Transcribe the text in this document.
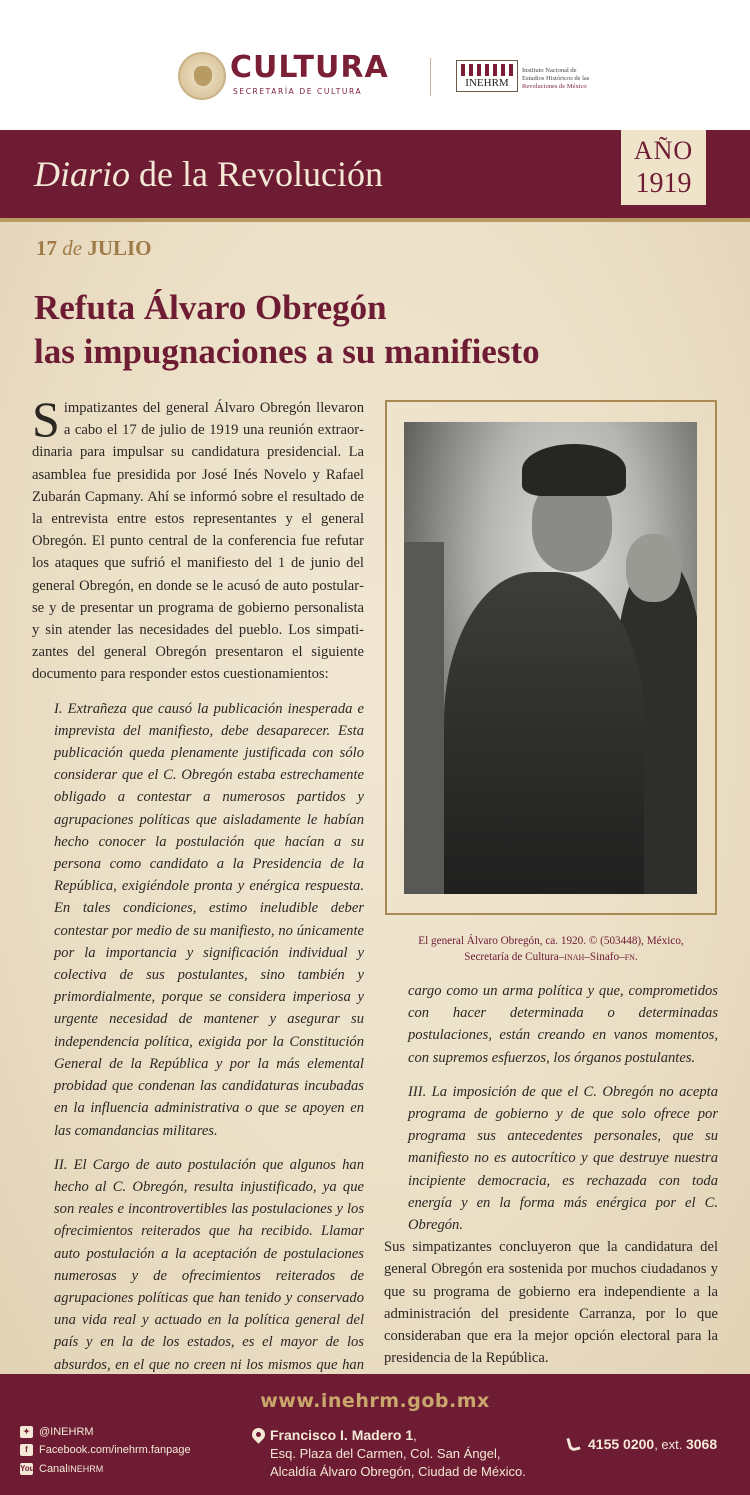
CULTURA
SECRETARÍA DE CULTURA
INEHRM
Instituto Nacional de
Estudios Históricos de las
Revoluciones de México
Diario de la Revolución
AÑO
1919
17 de JULIO
Refuta Álvaro Obregón
las impugnaciones a su manifiesto

Simpatizantes del general Álvaro Obregón llevaron a cabo el 17 de julio de 1919 una reunión extraordinaria para impulsar su candidatura presidencial. La asamblea fue presidida por José Inés Novelo y Rafael Zubarán Capmany. Ahí se informó sobre el resultado de la entrevista entre estos representantes y el general Obregón. El punto central de la conferencia fue refutar los ataques que sufrió el manifiesto del 1 de junio del general Obregón, en donde se le acusó de auto postularse y de presentar un programa de gobierno personalista y sin atender las necesidades del pueblo. Los simpatizantes del general Obregón presentaron el siguiente documento para responder estos cuestionamientos:

I. Extrañeza que causó la publicación inesperada e imprevista del manifiesto, debe desaparecer. Esta publicación queda plenamente justificada con sólo considerar que el C. Obregón estaba estrechamente obligado a contestar a numerosos partidos y agrupaciones políticas que aisladamente le habían hecho conocer la postulación que hacían a su persona como candidato a la Presidencia de la República, exigiéndole pronta y enérgica respuesta. En tales condiciones, estimo ineludible deber contestar por medio de su manifiesto, no únicamente por la importancia y significación individual y colectiva de sus postulantes, sino también y primordialmente, porque se considera imperiosa y urgente necesidad de mantener y asegurar su independencia política, exigida por la Constitución General de la República y por la más elemental probidad que condenan las candidaturas incubadas en la influencia administrativa o que se apoyen en las comandancias militares.

II. El Cargo de auto postulación que algunos han hecho al C. Obregón, resulta injustificado, ya que son reales e incontrovertibles las postulaciones y los ofrecimientos reiterados que ha recibido. Llamar auto postulación a la aceptación de postulaciones numerosas y de ofrecimientos reiterados de agrupaciones políticas que han tenido y conservado una vida real y actuado en la política general del país y en la de los estados, es el mayor de los absurdos, en el que no creen ni los mismos que han

El general Álvaro Obregón, ca. 1920. © (503448), México,
Secretaría de Cultura–inah–Sinafo–fn.

cargo como un arma política y que, comprometidos con hacer determinada o determinadas postulaciones, están creando en vanos momentos, con supremos esfuerzos, los órganos postulantes.

III. La imposición de que el C. Obregón no acepta programa de gobierno y de que solo ofrece por programa sus antecedentes personales, que su manifiesto no es autocrítico y que destruye nuestra incipiente democracia, es rechazada con toda energía y en la forma más enérgica por el C. Obregón.

Sus simpatizantes concluyeron que la candidatura del general Obregón era sostenida por muchos ciudadanos y que su programa de gobierno era independiente a la administración del presidente Carranza, por lo que consideraban que era la mejor opción electoral para la presidencia de la República.

www.inehrm.gob.mx
✦ @INEHRM
f	Facebook.com/inehrm.fanpage
You Canal INEHRM
Francisco I. Madero 1,
Esq. Plaza del Carmen, Col. San Ángel,
Alcaldía Álvaro Obregón, Ciudad de México.
4155 0200, ext. 3068
